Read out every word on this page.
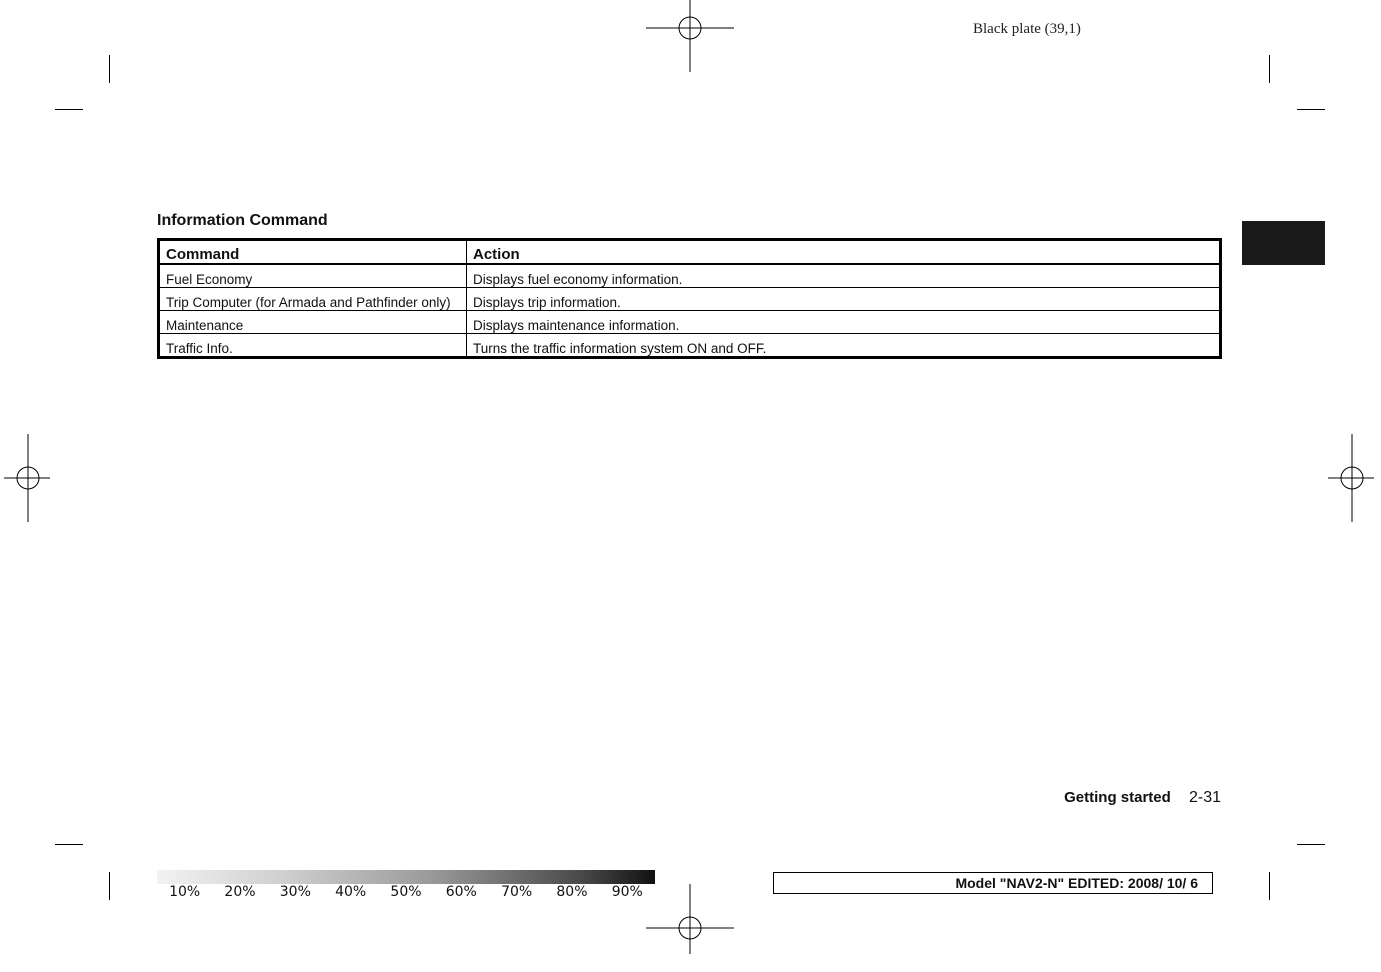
Black plate (39,1)
Information Command
Command	Action
Fuel Economy	Displays fuel economy information.
Trip Computer (for Armada and Pathfinder only)	Displays trip information.
Maintenance	Displays maintenance information.
Traffic Info.	Turns the traffic information system ON and OFF.
Getting started 2-31
10%	20%	30%	40%	50%	60%	70%	80%	90%
Model "NAV2-N" EDITED: 2008/ 10/ 6
